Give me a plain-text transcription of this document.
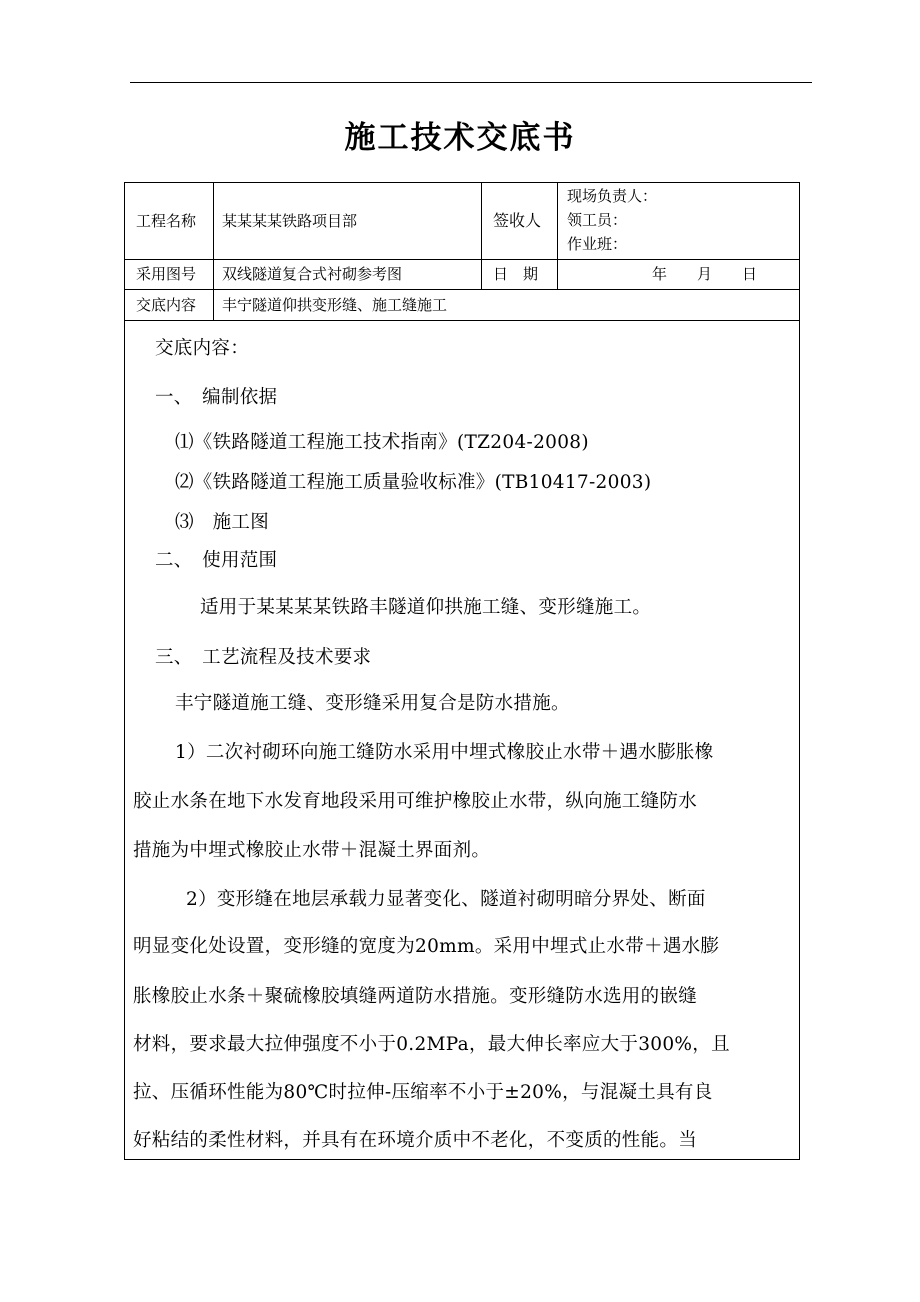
施工技术交底书
工程名称 某某某某铁路项目部	签收人
现场负责人：
领工员：
作业班：
采用图号 双线隧道复合式衬砌参考图	日　期	年　　月　　日
交底内容 丰宁隧道仰拱变形缝、施工缝施工
交底内容：
一、　编制依据
⑴《铁路隧道工程施工技术指南》(TZ204-2008)
⑵《铁路隧道工程施工质量验收标准》(TB10417-2003)
⑶　施工图
二、　使用范围
适用于某某某某铁路丰隧道仰拱施工缝、变形缝施工。
三、　工艺流程及技术要求
丰宁隧道施工缝、变形缝采用复合是防水措施。
1）二次衬砌环向施工缝防水采用中埋式橡胶止水带＋遇水膨胀橡
胶止水条在地下水发育地段采用可维护橡胶止水带，纵向施工缝防水
措施为中埋式橡胶止水带＋混凝土界面剂。
2）变形缝在地层承载力显著变化、隧道衬砌明暗分界处、断面
明显变化处设置，变形缝的宽度为20mm。采用中埋式止水带＋遇水膨
胀橡胶止水条＋聚硫橡胶填缝两道防水措施。变形缝防水选用的嵌缝
材料，要求最大拉伸强度不小于0.2MPa，最大伸长率应大于300%，且
拉、压循环性能为80℃时拉伸-压缩率不小于±20%，与混凝土具有良
好粘结的柔性材料，并具有在环境介质中不老化，不变质的性能。当
